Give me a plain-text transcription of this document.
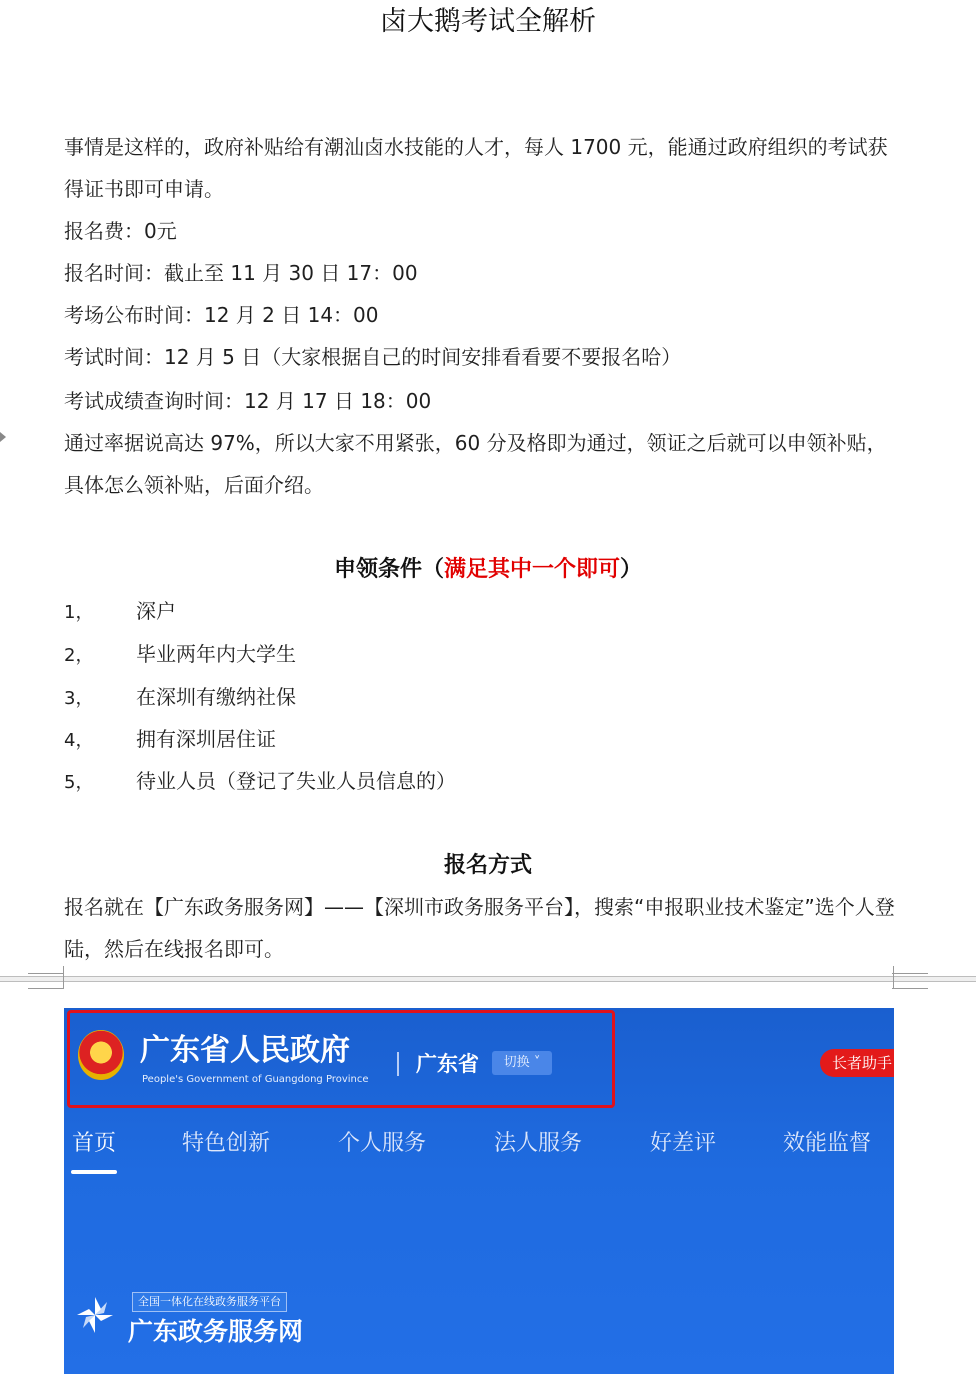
卤大鹅考试全解析
事情是这样的，政府补贴给有潮汕卤水技能的人才，每人 1700 元，能通过政府组织的考试获得证书即可申请。
报名费：0元
报名时间：截止至 11 月 30 日 17：00
考场公布时间：12 月 2 日 14：00
考试时间：12 月 5 日（大家根据自己的时间安排看看要不要报名哈）
考试成绩查询时间：12 月 17 日 18：00
通过率据说高达 97%，所以大家不用紧张，60 分及格即为通过，领证之后就可以申领补贴，具体怎么领补贴，后面介绍。
申领条件（满足其中一个即可）
1， 深户
2， 毕业两年内大学生
3， 在深圳有缴纳社保
4， 拥有深圳居住证
5， 待业人员（登记了失业人员信息的）
报名方式
报名就在【广东政务服务网】——【深圳市政务服务平台】，搜索“申报职业技术鉴定”选个人登陆，然后在线报名即可。
广东省人民政府
People's Government of Guangdong Province
广东省	切换 ˅	长者助手
首页	特色创新	个人服务	法人服务	好差评	效能监督
全国一体化在线政务服务平台
广东政务服务网
